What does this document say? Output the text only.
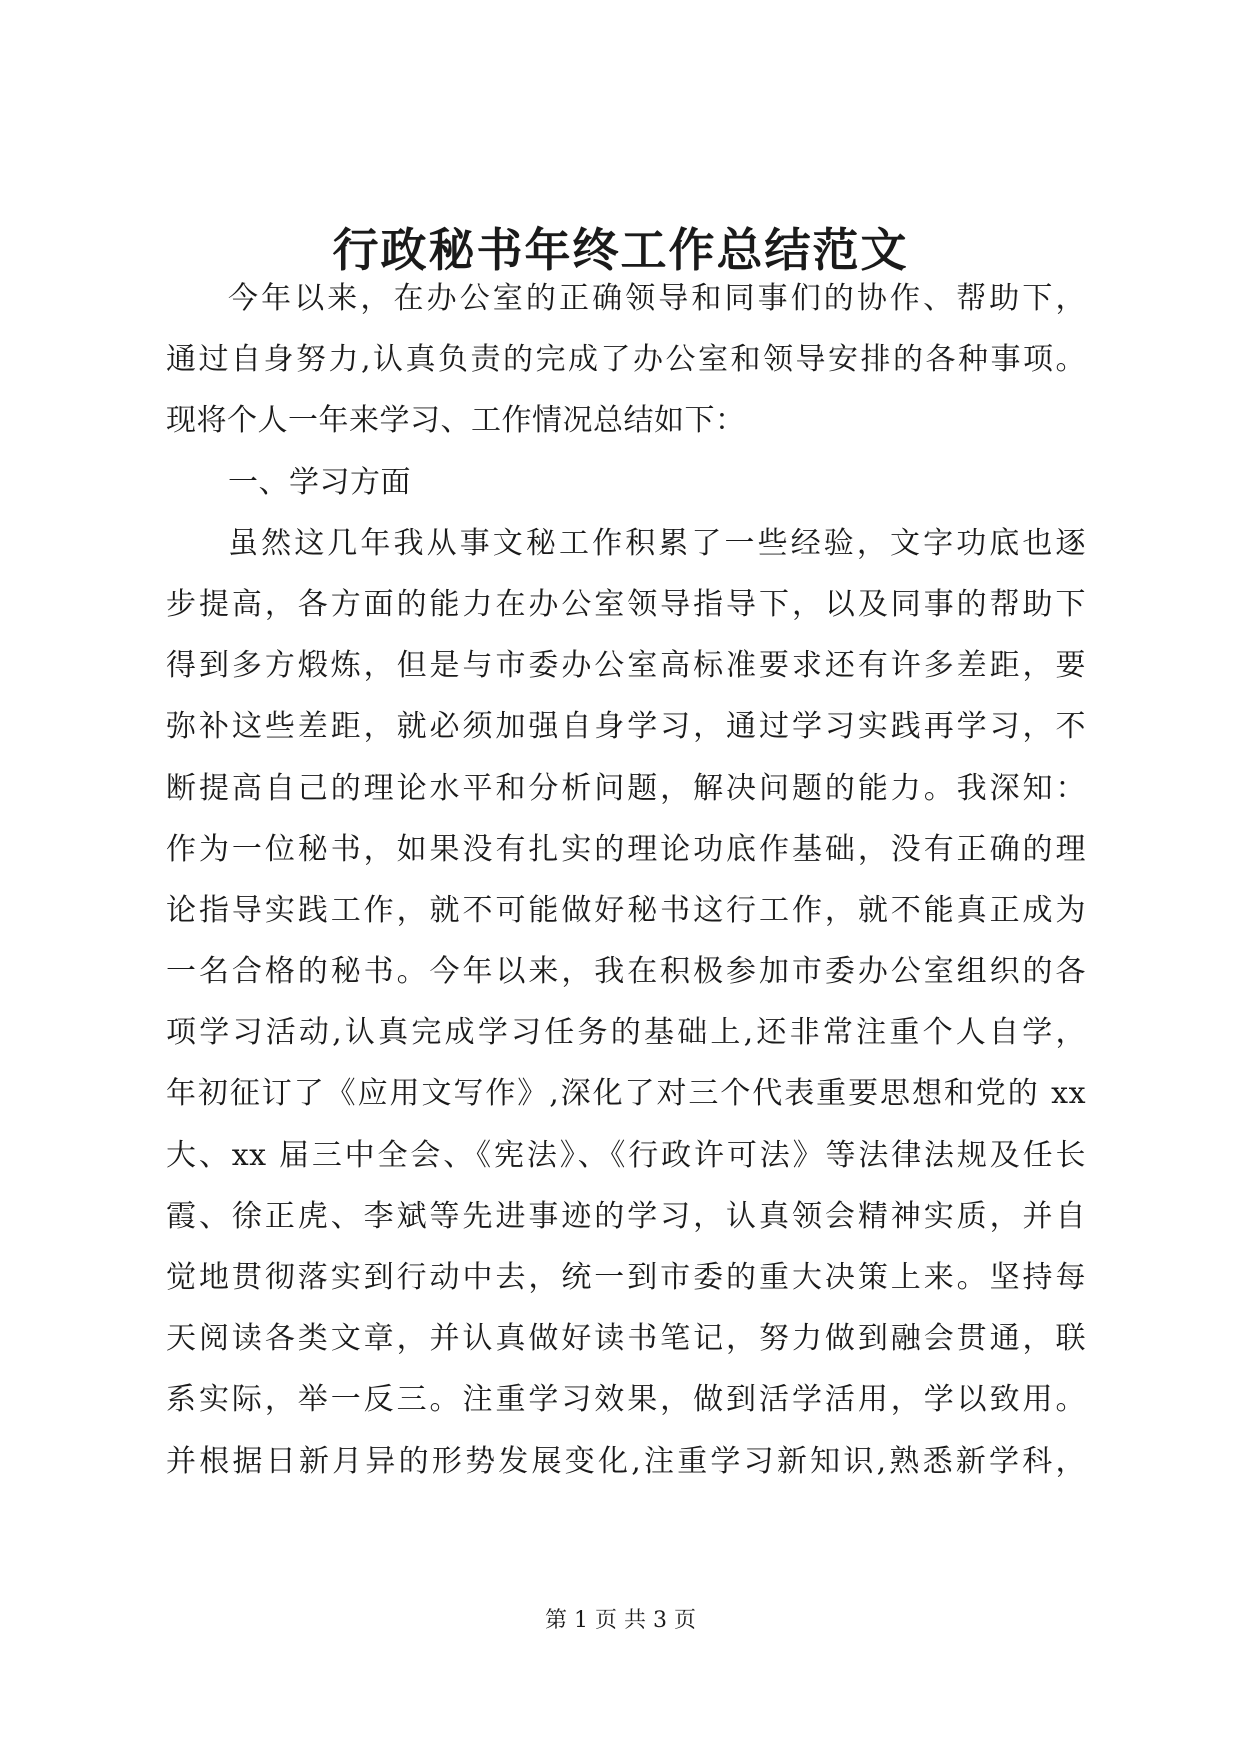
行政秘书年终工作总结范文
今年以来，在办公室的正确领导和同事们的协作、帮助下，
通过自身努力,认真负责的完成了办公室和领导安排的各种事项。
现将个人一年来学习、工作情况总结如下：
一、学习方面
虽然这几年我从事文秘工作积累了一些经验，文字功底也逐
步提高，各方面的能力在办公室领导指导下，以及同事的帮助下
得到多方煅炼，但是与市委办公室高标准要求还有许多差距，要
弥补这些差距，就必须加强自身学习，通过学习实践再学习，不
断提高自己的理论水平和分析问题，解决问题的能力。我深知：
作为一位秘书，如果没有扎实的理论功底作基础，没有正确的理
论指导实践工作，就不可能做好秘书这行工作，就不能真正成为
一名合格的秘书。今年以来，我在积极参加市委办公室组织的各
项学习活动,认真完成学习任务的基础上,还非常注重个人自学，
年初征订了《应用文写作》,深化了对三个代表重要思想和党的 xx
大、xx 届三中全会、《宪法》、《行政许可法》等法律法规及任长
霞、徐正虎、李斌等先进事迹的学习，认真领会精神实质，并自
觉地贯彻落实到行动中去，统一到市委的重大决策上来。坚持每
天阅读各类文章，并认真做好读书笔记，努力做到融会贯通，联
系实际，举一反三。注重学习效果，做到活学活用，学以致用。
并根据日新月异的形势发展变化,注重学习新知识,熟悉新学科，
第 1 页 共 3 页
